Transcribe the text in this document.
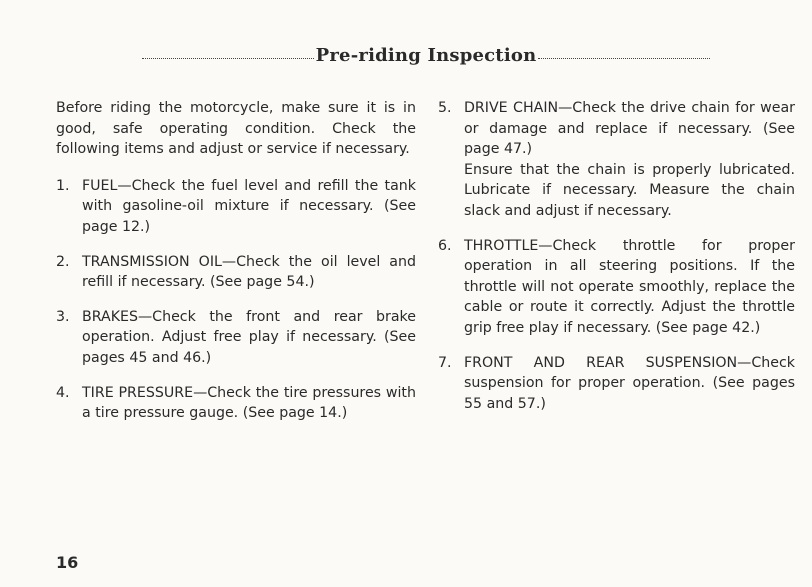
Pre-riding Inspection

Before riding the motorcycle, make sure it is in good, safe operating condition. Check the following items and adjust or service if necessary.

1. FUEL—Check the fuel level and refill the tank with gasoline-oil mixture if necessary. (See page 12.)

2. TRANSMISSION OIL—Check the oil level and refill if necessary. (See page 54.)

3. BRAKES—Check the front and rear brake operation. Adjust free play if necessary. (See pages 45 and 46.)

4. TIRE PRESSURE—Check the tire pressures with a tire pressure gauge. (See page 14.)

5. DRIVE CHAIN—Check the drive chain for wear or damage and replace if necessary. (See page 47.)

Ensure that the chain is properly lubricated. Lubricate if necessary. Measure the chain slack and adjust if necessary.

6. THROTTLE—Check throttle for proper operation in all steering positions. If the throttle will not operate smoothly, replace the cable or route it correctly. Adjust the throttle grip free play if necessary. (See page 42.)

7. FRONT AND REAR SUSPENSION—Check suspension for proper operation. (See pages 55 and 57.)

16
